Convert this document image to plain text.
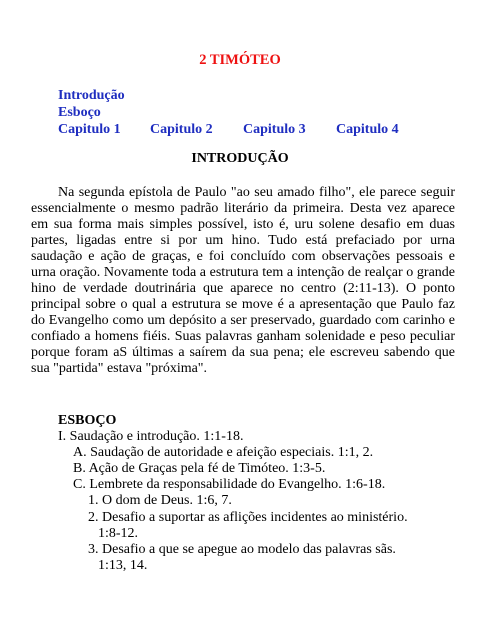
2 TIMÓTEO
Introdução
Esboço
Capitulo 1 Capitulo 2 Capitulo 3 Capitulo 4
INTRODUÇÃO

Na segunda epístola de Paulo "ao seu amado filho", ele parece seguir essencialmente o mesmo padrão literário da primeira. Desta vez aparece em sua forma mais simples possível, isto é, uru solene desafio em duas partes, ligadas entre si por um hino. Tudo está prefaciado por urna saudação e ação de graças, e foi concluído com observações pessoais e urna oração. Novamente toda a estrutura tem a intenção de realçar o grande hino de verdade doutrinária que aparece no centro (2:11-13). O ponto principal sobre o qual a estrutura se move é a apresentação que Paulo faz do Evangelho como um depósito a ser preservado, guardado com carinho e confiado a homens fiéis. Suas palavras ganham solenidade e peso peculiar porque foram aS últimas a saírem da sua pena; ele escreveu sabendo que sua "partida" estava "próxima".

ESBOÇO
I. Saudação e introdução. 1:1-18.
A. Saudação de autoridade e afeição especiais. 1:1, 2.
B. Ação de Graças pela fé de Timóteo. 1:3-5.
C. Lembrete da responsabilidade do Evangelho. 1:6-18.
1. O dom de Deus. 1:6, 7.
2. Desafio a suportar as aflições incidentes ao ministério.
1:8-12.
3. Desafio a que se apegue ao modelo das palavras sãs.
1:13, 14.
